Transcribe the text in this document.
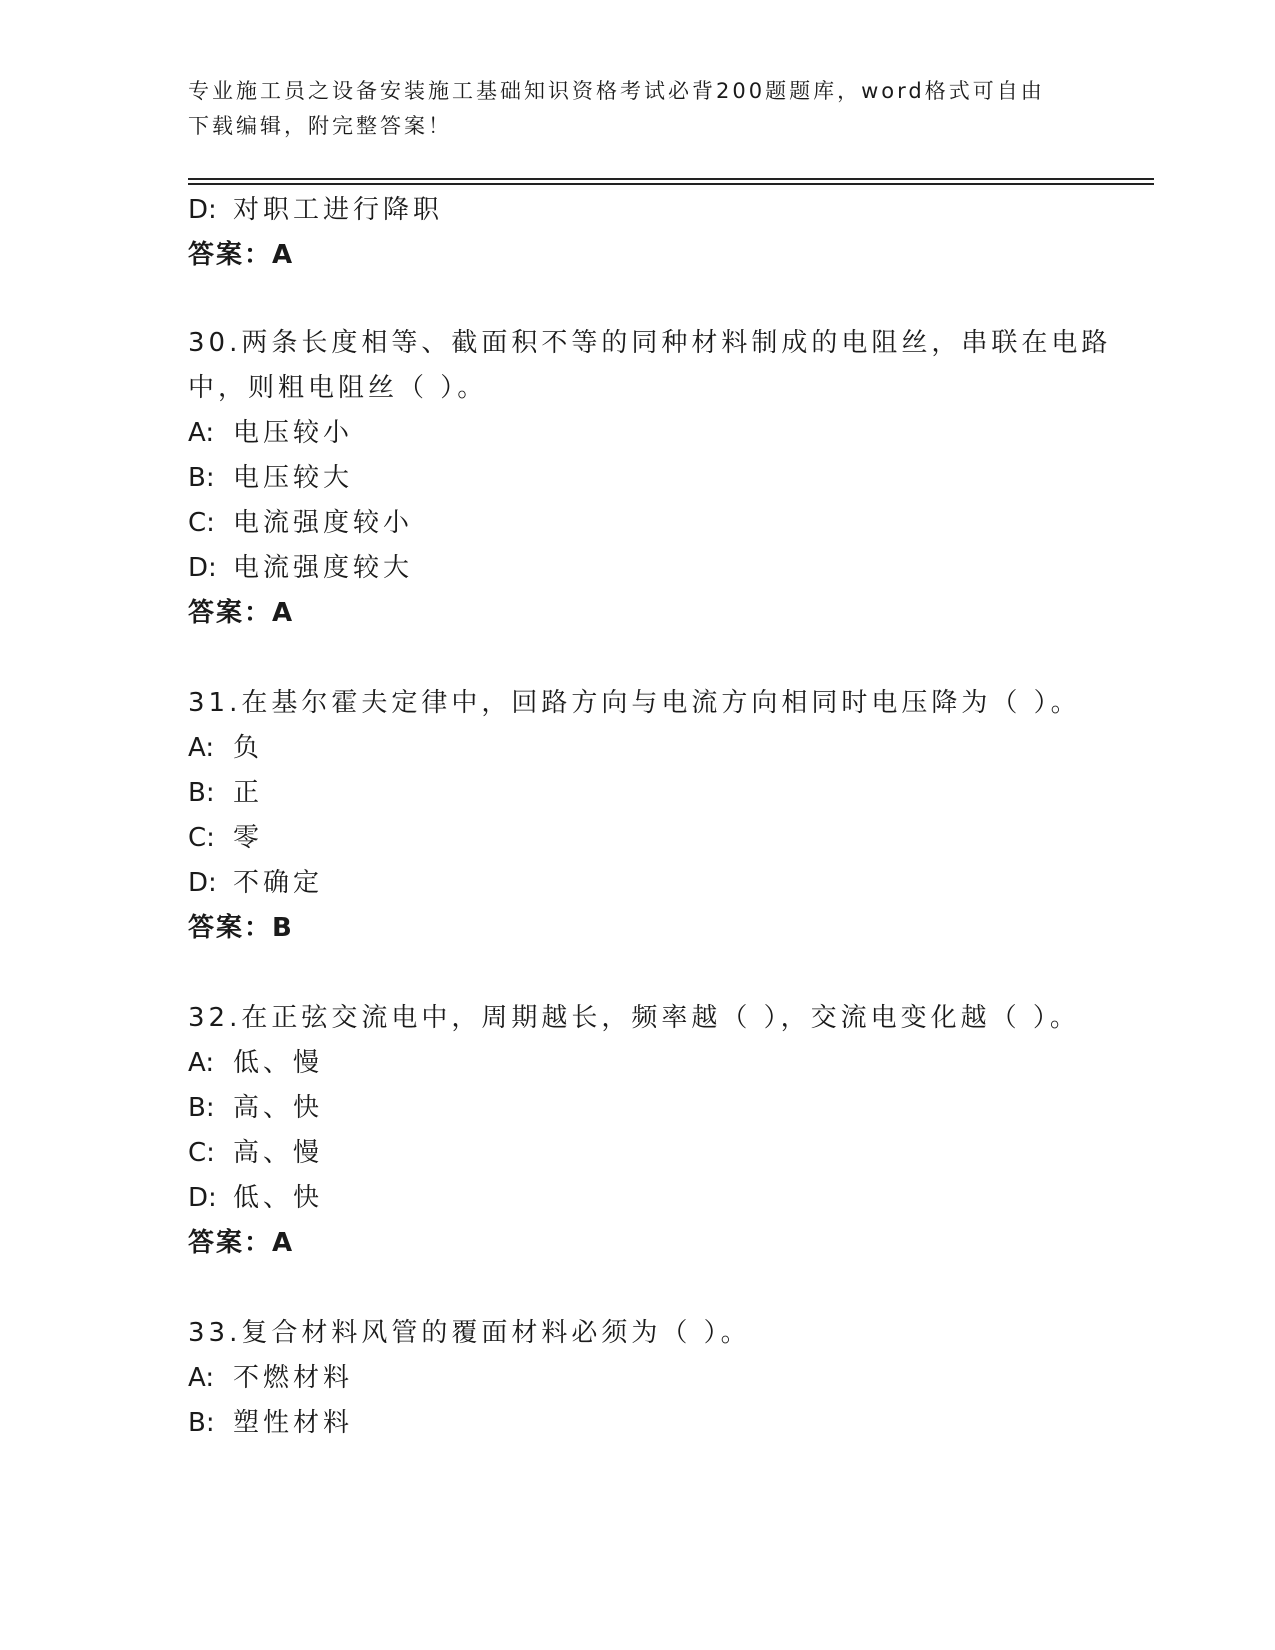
专业施工员之设备安装施工基础知识资格考试必背200题题库，word格式可自由
下载编辑，附完整答案！
D: 对职工进行降职
答案：A
30.两条长度相等、截面积不等的同种材料制成的电阻丝，串联在电路
中，则粗电阻丝（ ）。
A: 电压较小
B: 电压较大
C: 电流强度较小
D: 电流强度较大
答案：A
31.在基尔霍夫定律中，回路方向与电流方向相同时电压降为（ ）。
A: 负
B: 正
C: 零
D: 不确定
答案：B
32.在正弦交流电中，周期越长，频率越（ ），交流电变化越（ ）。
A: 低、慢
B: 高、快
C: 高、慢
D: 低、快
答案：A
33.复合材料风管的覆面材料必须为（ ）。
A: 不燃材料
B: 塑性材料
